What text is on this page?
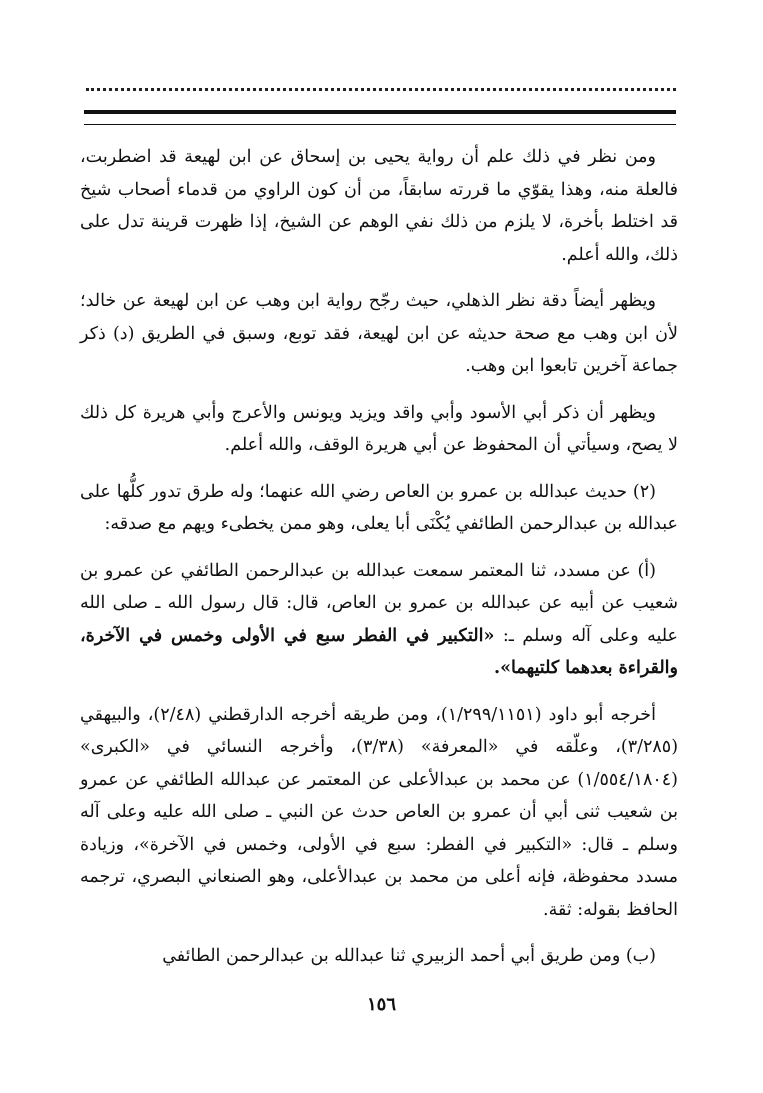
ومن نظر في ذلك علم أن رواية يحيى بن إسحاق عن ابن لهيعة قد اضطربت، فالعلة منه، وهذا يقوّي ما قررته سابقاً، من أن كون الراوي من قدماء أصحاب شيخ قد اختلط بأخرة، لا يلزم من ذلك نفي الوهم عن الشيخ، إذا ظهرت قرينة تدل على ذلك، والله أعلم.

ويظهر أيضاً دقة نظر الذهلي، حيث رجّح رواية ابن وهب عن ابن لهيعة عن خالد؛ لأن ابن وهب مع صحة حديثه عن ابن لهيعة، فقد توبع، وسبق في الطريق (د) ذكر جماعة آخرين تابعوا ابن وهب.

ويظهر أن ذكر أبي الأسود وأبي واقد ويزيد ويونس والأعرج وأبي هريرة كل ذلك لا يصح، وسيأتي أن المحفوظ عن أبي هريرة الوقف، والله أعلم.

(٢) حديث عبدالله بن عمرو بن العاص رضي الله عنهما؛ وله طرق تدور كلُّها على عبدالله بن عبدالرحمن الطائفي يُكْنَى أبا يعلى، وهو ممن يخطىء ويهم مع صدقه:

(أ) عن مسدد، ثنا المعتمر سمعت عبدالله بن عبدالرحمن الطائفي عن عمرو بن شعيب عن أبيه عن عبدالله بن عمرو بن العاص، قال: قال رسول الله ـ صلى الله عليه وعلى آله وسلم ـ: «التكبير في الفطر سبع في الأولى وخمس في الآخرة، والقراءة بعدهما كلتيهما».

أخرجه أبو داود (١/٢٩٩/١١٥١)، ومن طريقه أخرجه الدارقطني (٢/٤٨)، والبيهقي (٣/٢٨٥)، وعلّقه في «المعرفة» (٣/٣٨)، وأخرجه النسائي في «الكبرى» (١/٥٥٤/١٨٠٤) عن محمد بن عبدالأعلى عن المعتمر عن عبدالله الطائفي عن عمرو بن شعيب ثنى أبي أن عمرو بن العاص حدث عن النبي ـ صلى الله عليه وعلى آله وسلم ـ قال: «التكبير في الفطر: سبع في الأولى، وخمس في الآخرة»، وزيادة مسدد محفوظة، فإنه أعلى من محمد بن عبدالأعلى، وهو الصنعاني البصري، ترجمه الحافظ بقوله: ثقة.

(ب) ومن طريق أبي أحمد الزبيري ثنا عبدالله بن عبدالرحمن الطائفي

١٥٦
